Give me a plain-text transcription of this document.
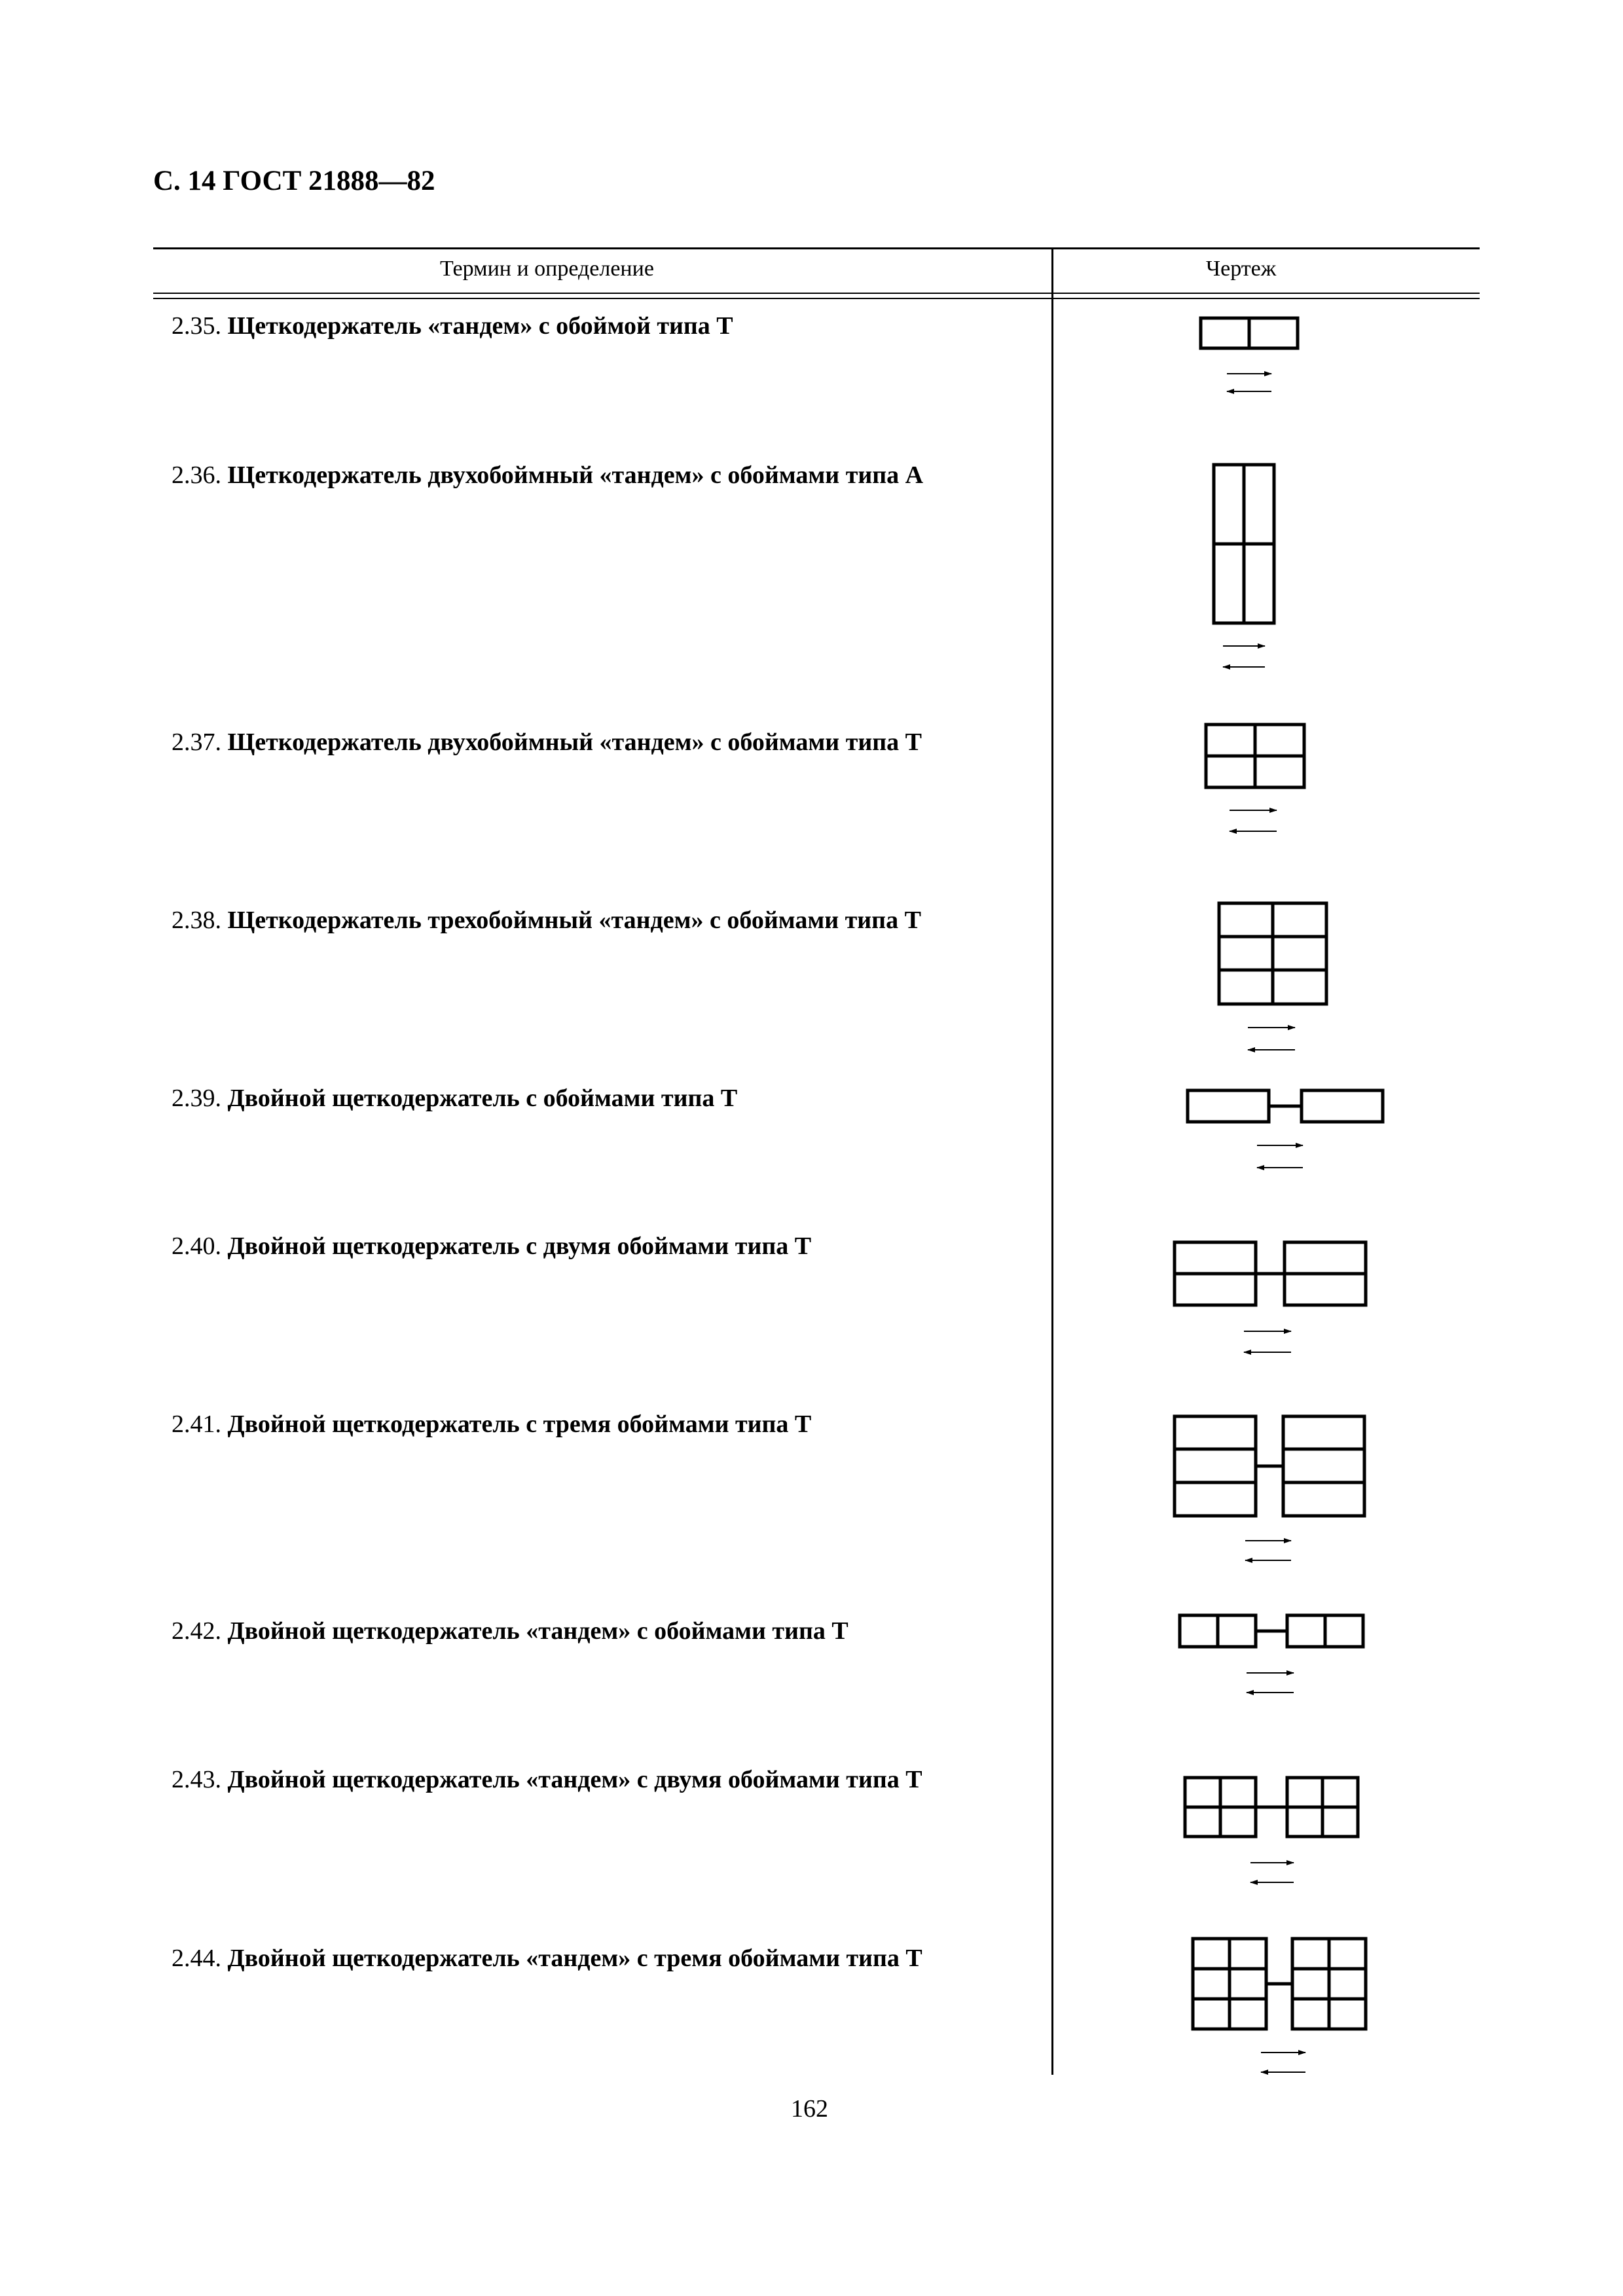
С. 14 ГОСТ 21888—82
Термин и определение	Чертеж
2.35. Щеткодержатель «тандем» с обоймой типа Т
2.36. Щеткодержатель двухобоймный «тандем» с обоймами типа А
2.37. Щеткодержатель двухобоймный «тандем» с обоймами типа Т
2.38. Щеткодержатель трехобоймный «тандем» с обоймами типа Т
2.39. Двойной щеткодержатель с обоймами типа Т
2.40. Двойной щеткодержатель с двумя обоймами типа Т
2.41. Двойной щеткодержатель с тремя обоймами типа Т
2.42. Двойной щеткодержатель «тандем» с обоймами типа Т
2.43. Двойной щеткодержатель «тандем» с двумя обоймами типа Т
2.44. Двойной щеткодержатель «тандем» с тремя обоймами типа Т
162
